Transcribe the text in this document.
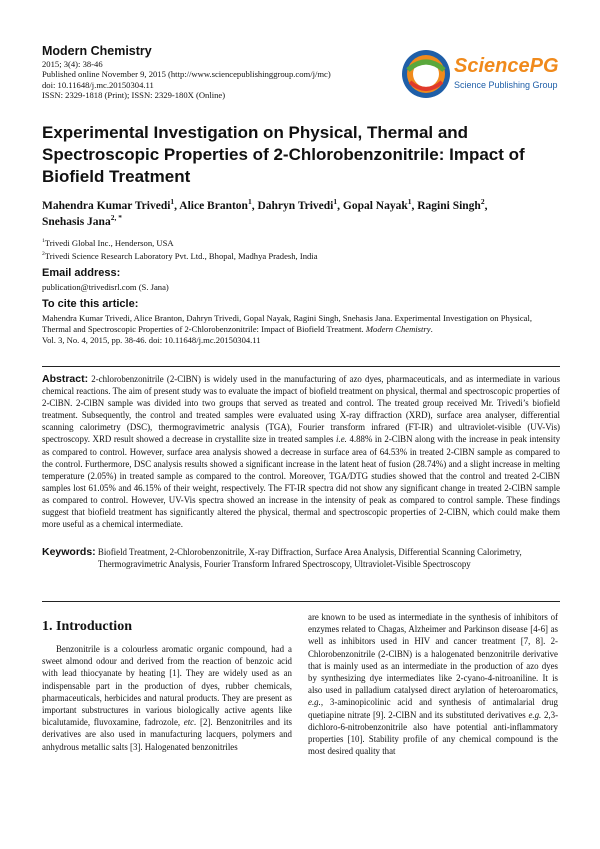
Modern Chemistry
2015; 3(4): 38-46
Published online November 9, 2015 (http://www.sciencepublishinggroup.com/j/mc)
doi: 10.11648/j.mc.20150304.11
ISSN: 2329-1818 (Print); ISSN: 2329-180X (Online)
SciencePG
Science Publishing Group
Experimental Investigation on Physical, Thermal and Spectroscopic Properties of 2-Chlorobenzonitrile: Impact of Biofield Treatment
Mahendra Kumar Trivedi$^1$, Alice Branton$^1$, Dahryn Trivedi$^1$, Gopal Nayak$^1$, Ragini Singh$^2$,
Snehasis Jana$^{2, *}$
$^1$Trivedi Global Inc., Henderson, USA
$^2$Trivedi Science Research Laboratory Pvt. Ltd., Bhopal, Madhya Pradesh, India
Email address:
publication@trivedisrl.com (S. Jana)
To cite this article:
Mahendra Kumar Trivedi, Alice Branton, Dahryn Trivedi, Gopal Nayak, Ragini Singh, Snehasis Jana. Experimental Investigation on Physical,
Thermal and Spectroscopic Properties of 2-Chlorobenzonitrile: Impact of Biofield Treatment. Modern Chemistry.
Vol. 3, No. 4, 2015, pp. 38-46. doi: 10.11648/j.mc.20150304.11
Abstract: 2-chlorobenzonitrile (2-ClBN) is widely used in the manufacturing of azo dyes, pharmaceuticals, and as intermediate in various chemical reactions. The aim of present study was to evaluate the impact of biofield treatment on physical, thermal and spectroscopic properties of 2-ClBN. 2-ClBN sample was divided into two groups that served as treated and control. The treated group received Mr. Trivedi’s biofield treatment. Subsequently, the control and treated samples were evaluated using X-ray diffraction (XRD), surface area analyser, differential scanning calorimetry (DSC), thermogravimetric analysis (TGA), Fourier transform infrared (FT-IR) and ultraviolet-visible (UV-Vis) spectroscopy. XRD result showed a decrease in crystallite size in treated samples i.e. 4.88% in 2-ClBN along with the increase in peak intensity as compared to control. However, surface area analysis showed a decrease in surface area of 64.53% in treated 2-ClBN sample as compared to the control. Furthermore, DSC analysis results showed a significant increase in the latent heat of fusion (28.74%) and a slight increase in melting temperature (2.05%) in treated sample as compared to the control. Moreover, TGA/DTG studies showed that the control and treated 2-ClBN samples lost 61.05% and 46.15% of their weight, respectively. The FT-IR spectra did not show any significant change in treated 2-ClBN sample as compared to control. However, UV-Vis spectra showed an increase in the intensity of peak as compared to control sample. These findings suggest that biofield treatment has significantly altered the physical, thermal and spectroscopic properties of 2-ClBN, which could make them more useful as a chemical intermediate.
Keywords: Biofield Treatment, 2-Chlorobenzonitrile, X-ray Diffraction, Surface Area Analysis, Differential Scanning Calorimetry, Thermogravimetric Analysis, Fourier Transform Infrared Spectroscopy, Ultraviolet-Visible Spectroscopy
1. Introduction

Benzonitrile is a colourless aromatic organic compound, had a sweet almond odour and derived from the reaction of benzoic acid with lead thiocyanate by heating [1]. They are widely used as an indispensable part in the production of dyes, rubber chemicals, pharmaceuticals, herbicides and natural products. They are present as important substructures in various biologically active agents like bicalutamide, fluvoxamine, fadrozole, etc. [2]. Benzonitriles and its derivatives are also used in manufacturing lacquers, polymers and anhydrous metallic salts [3]. Halogenated benzonitriles

are known to be used as intermediate in the synthesis of inhibitors of enzymes related to Chagas, Alzheimer and Parkinson disease [4-6] as well as inhibitors used in HIV and cancer treatment [7, 8]. 2-Chlorobenzonitrile (2-ClBN) is a halogenated benzonitrile derivative that is mainly used as an intermediate in the production of azo dyes by synthesizing dye intermediates like 2-cyano-4-nitroaniline. It is also used in palladium catalysed direct arylation of heteroaromatics, e.g., 3-aminopicolinic acid and synthesis of antimalarial drug quetiapine nitrate [9]. 2-ClBN and its substituted derivatives e.g. 2,3-dichloro-6-nitrobenzonitrile also have potential anti-inflammatory properties [10]. Stability profile of any chemical compound is the most desired quality that
